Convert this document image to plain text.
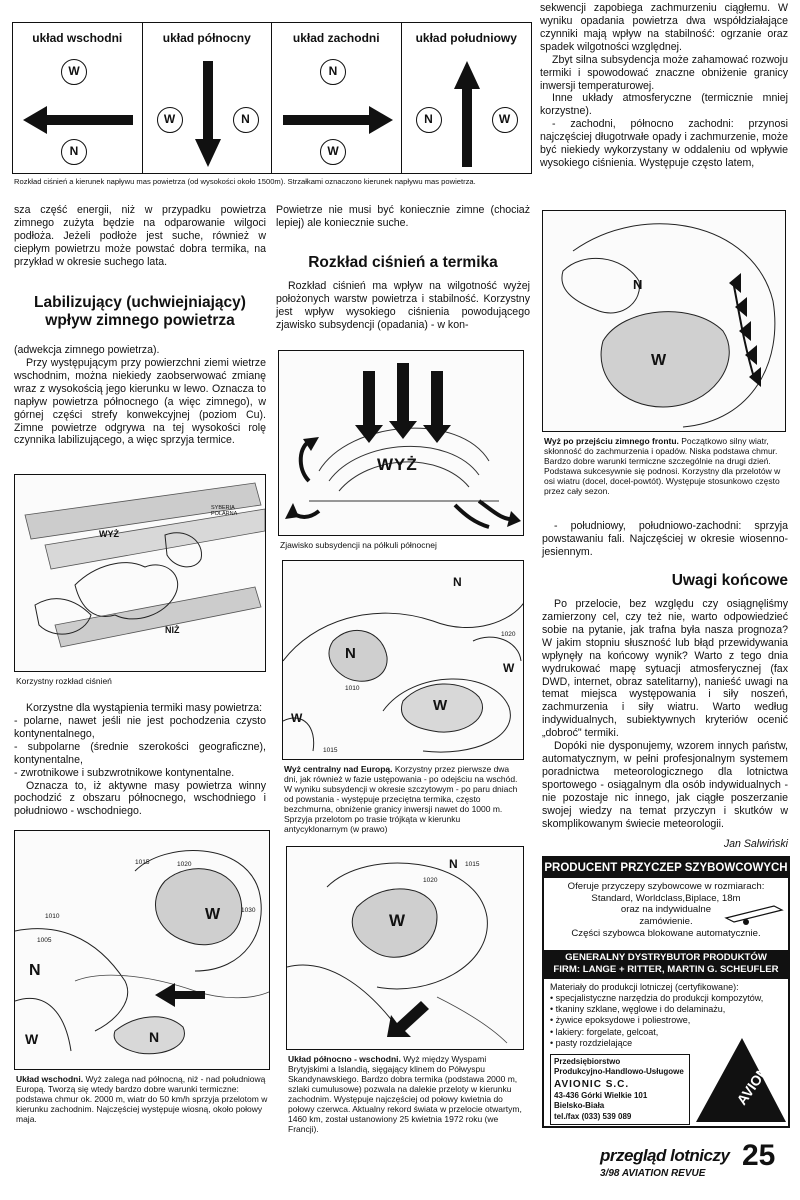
układ wschodni
W
N
układ północny
W	N
układ zachodni
N
W
układ południowy
N	W
Rozkład ciśnień a kierunek napływu mas powietrza (od wysokości około 1500m). Strzałkami oznaczono kierunek napływu mas powietrza.

sekwencji zapobiega zachmurzeniu ciągłemu. W wyniku opadania powietrza dwa współdziałające czynniki mają wpływ na stabilność: ogrzanie oraz spadek wilgotności względnej.

Zbyt silna subsydencja może zahamować rozwoju termiki i spowodować znaczne obniżenie granicy inwersji temperaturowej.

Inne układy atmosferyczne (termicznie mniej korzystne).

- zachodni, północno zachodni: przynosi najczęściej długotrwałe opady i zachmurzenie, może być niekiedy wykorzystany w oddaleniu od wpływie wysokiego ciśnienia. Występuje często latem,

sza część energii, niż w przypadku powietrza zimnego zużyta będzie na odparowanie wilgoci podłoża. Jeżeli podłoże jest suche, również w ciepłym powietrzu może powstać dobra termika, na przykład w okresie suchego lata.

Labilizujący (uchwiejniający)
wpływ zimnego powietrza

(adwekcja zimnego powietrza).

Przy występującym przy powierzchni ziemi wietrze wschodnim, można niekiedy zaobserwować zmianę wraz z wysokością jego kierunku w lewo. Oznacza to napływ powietrza północnego (a więc zimnego), w górnej części strefy konwekcyjnej (poziom Cu). Zimne powietrze odgrywa na tej wysokości rolę czynnika labilizującego, a więc sprzyja termice.

WYŻ
NIŻ
SYBERIA POLARNA
Korzystny rozkład ciśnień

Korzystne dla wystąpienia termiki masy powietrza:

- polarne, nawet jeśli nie jest pochodzenia czysto kontynentalnego,
- subpolarne (średnie szerokości geograficzne), kontynentalne,
- zwrotnikowe i subzwrotnikowe kontynentalne.

Oznacza to, iż aktywne masy powietrza winny pochodzić z obszaru północnego, wschodniego i południowo - wschodniego.

W
N
N
W
1020
1015
1030
1005
1010
Układ wschodni. Wyż zalega nad północną, niż - nad południową Europą. Tworzą się wtedy bardzo dobre warunki termiczne: podstawa chmur ok. 2000 m, wiatr do 50 km/h sprzyja przelotom w kierunku zachodnim. Najczęściej występuje wiosną, około połowy maja.

Powietrze nie musi być koniecznie zimne (chociaż lepiej) ale koniecznie suche.

Rozkład ciśnień a termika

Rozkład ciśnień ma wpływ na wilgotność wyżej położonych warstw powietrza i stabilność. Korzystny jest wpływ wysokiego ciśnienia powodującego zjawisko subsydencji (opadania) - w kon-

WYŻ
Zjawisko subsydencji na półkuli północnej
N
W
N
W
W
1010
1015
1020
Wyż centralny nad Europą. Korzystny przez pierwsze dwa dni, jak również w fazie ustępowania - po odejściu na wschód. W wyniku subsydencji w okresie szczytowym - po paru dniach od powstania - występuje przeciętna termika, często bezchmurna, obniżenie granicy inwersji nawet do 1000 m. Sprzyja przelotom po trasie trójkąta w kierunku antycyklonarnym (w prawo)
N 1015
1020
W
Układ północno - wschodni. Wyż między Wyspami Brytyjskimi a Islandią, sięgający klinem do Półwyspu Skandynawskiego. Bardzo dobra termika (podstawa 2000 m, szlaki cumulusowe) pozwala na dalekie przeloty w kierunku zachodnim. Występuje najczęściej od połowy kwietnia do połowy czerwca. Aktualny rekord świata w przelocie otwartym, 1460 km, został ustanowiony 25 kwietnia 1972 roku (we Francji).
N
W
Wyż po przejściu zimnego frontu. Początkowo silny wiatr, skłonność do zachmurzenia i opadów. Niska podstawa chmur. Bardzo dobre warunki termiczne szczególnie na drugi dzień. Podstawa sukcesywnie się podnosi. Korzystny dla przelotów w osi wiatru (docel, docel-powtót). Występuje stosunkowo często przez cały sezon.

- południowy, południowo-zachodni: sprzyja powstawaniu fali. Najczęściej w okresie wiosenno-jesiennym.

Uwagi końcowe

Po przelocie, bez względu czy osiągnęliśmy zamierzony cel, czy też nie, warto odpowiedzieć sobie na pytanie, jak trafna była nasza prognoza? W jakim stopniu słuszność lub błąd przewidywania wpłynęły na końcowy wynik? Warto z tego dnia wydrukować mapę sytuacji atmosferycznej (fax DWD, internet, obraz satelitarny), nanieść uwagi na temat miejsca występowania i siły noszeń, zachmurzenia i siły wiatru. Warto według indywidualnych, subiektywnych kryteriów ocenić „dobroć" termiki.

Dopóki nie dysponujemy, wzorem innych państw, automatycznym, w pełni profesjonalnym systemem poradnictwa meteorologicznego dla lotnictwa sportowego - osiągalnym dla osób indywidualnych - nie pozostaje nic innego, jak ciągłe poszerzanie swojej wiedzy na temat przyczyn i skutków w skomplikowanym świecie meteorologii.

Jan Salwiński
PRODUCENT PRZYCZEP SZYBOWCOWYCH
Oferuje przyczepy szybowcowe w rozmiarach:
Standard, Worldclass,Biplace, 18m
oraz na indywidualne
zamówienie.
Części szybowca blokowane automatycznie.
GENERALNY DYSTRYBUTOR PRODUKTÓW
FIRM: LANGE + RITTER, MARTIN G. SCHEUFLER
Materiały do produkcji lotniczej (certyfikowane):
• specjalistyczne narzędzia do produkcji kompozytów,
• tkaniny szklane, węglowe i do delaminażu,
• żywice epoksydowe i poliestrowe,
• lakiery: forgelate, gelcoat,
• pasty rozdzielające
Przedsiębiorstwo
Produkcyjno-Handlowo-Usługowe
AVIONIC S.C.
43-436 Górki Wielkie 101
Bielsko-Biała
tel./fax (033) 539 089
AVIONIC
przegląd lotniczy
3/98 AVIATION REVUE
25
